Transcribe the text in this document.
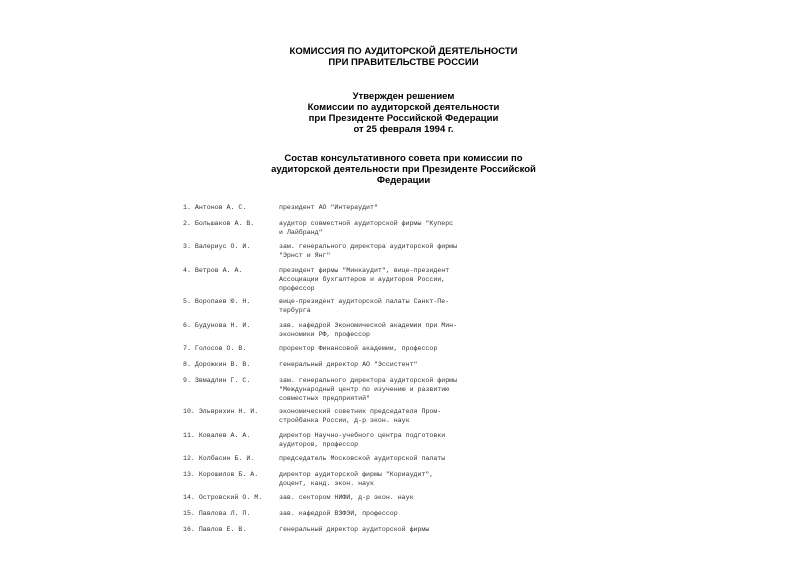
КОМИССИЯ ПО АУДИТОРСКОЙ ДЕЯТЕЛЬНОСТИ
ПРИ ПРАВИТЕЛЬСТВЕ РОССИИ
Утвержден решением
Комиссии по аудиторской деятельности
при Президенте Российской Федерации
от 25 февраля 1994 г.
Состав консультативного совета при комиссии по
аудиторской деятельности при Президенте Российской
Федерации
1. Антонов А. С.	президент АО "Интераудит"
2. Большаков А. В.	аудитор совместной аудиторской фирмы "Куперс
и Лайбранд"
3. Валериус О. И.	зам. генерального директора аудиторской фирмы
"Эрнст и Янг"
4. Ветров А. А.	президент фирмы "Минкаудит", вице-президент
Ассоциации бухгалтеров и аудиторов России,
профессор
5. Воропаев Ю. Н.	вице-президент аудиторской палаты Санкт-Пе-
тербурга
6. Будунова Н. И.	зав. кафедрой Экономической академии при Мин-
экономики РФ, профессор
7. Голосов О. В.	проректор Финансовой академии, профессор
8. Дорожкин В. В.	генеральный директор АО "Эссистент"
9. Звмадлин Г. С.	зам. генерального директора аудиторской фирмы
"Международный центр по изучению и развитию
совместных предприятий"
10. Эльврихин Н. И.	экономический советник председателя Пром-
стройбанка России, д-р экон. наук
11. Ковалев А. А.	директор Научно-учебного центра подготовки
аудиторов, профессор
12. Колбасин Б. И.	председатель Московской аудиторской палаты
13. Корошилов Б. А.	директор аудиторской фирмы "Кориаудит",
доцент, канд. экон. наук
14. Островский О. М.	зав. сектором НИФИ, д-р экон. наук
15. Павлова Л. П.	зав. кафедрой ВЗФЭИ, профессор
16. Павлов Е. В.	генеральный директор аудиторской фирмы
